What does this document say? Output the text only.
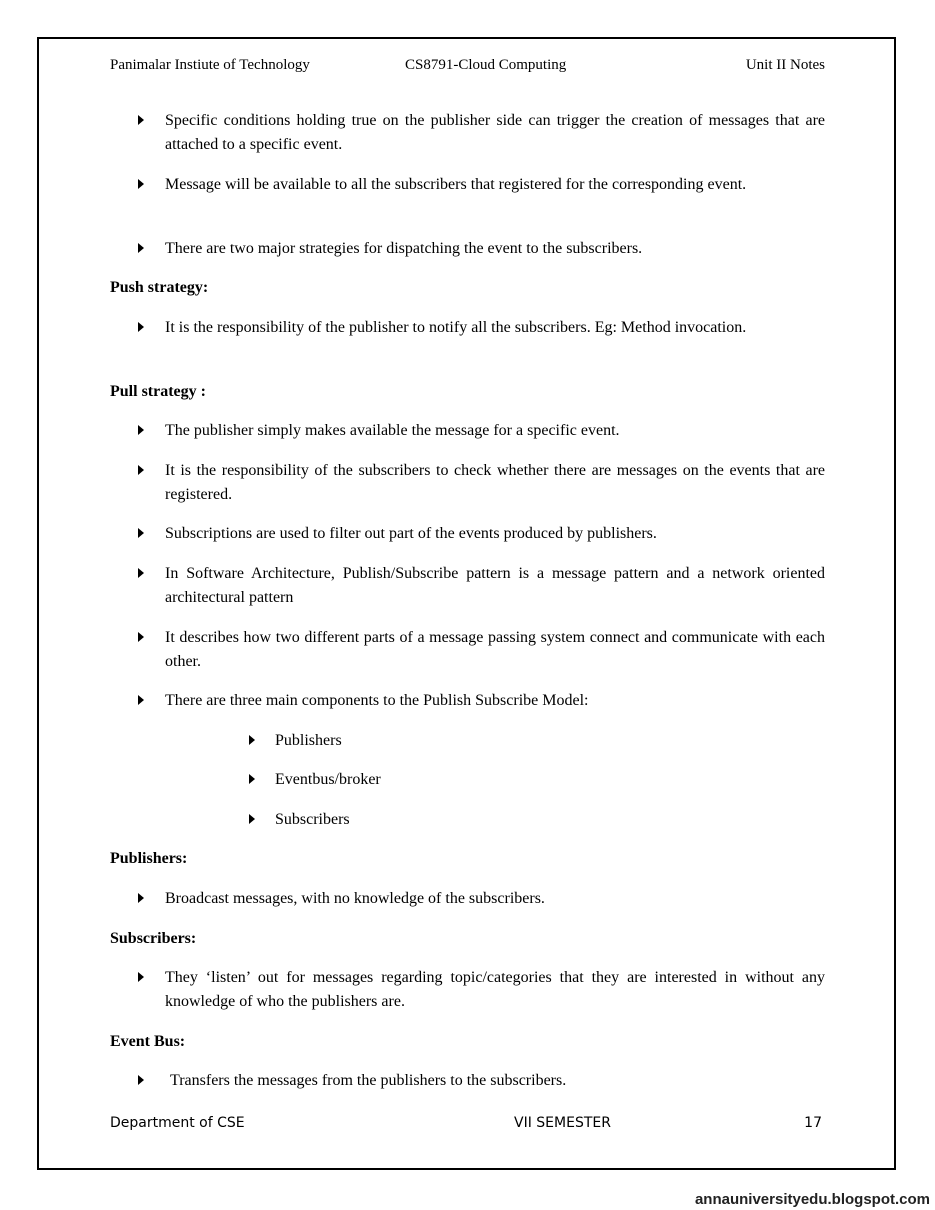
Panimalar Instiute of Technology	CS8791-Cloud Computing	Unit II Notes
Specific conditions holding true on the publisher side can trigger the creation of messages that are attached to a specific event.
Message will be available to all the subscribers that registered for the corresponding event.
There are two major strategies for dispatching the event to the subscribers.
Push strategy:
It is the responsibility of the publisher to notify all the subscribers. Eg: Method invocation.
Pull strategy :
The publisher simply makes available the message for a specific event.
It is the responsibility of the subscribers to check whether there are messages on the events that are registered.
Subscriptions are used to filter out part of the events produced by publishers.
In Software Architecture, Publish/Subscribe pattern is a message pattern and a network oriented architectural pattern
It describes how two different parts of a message passing system connect and communicate with each other.
There are three main components to the Publish Subscribe Model:
Publishers
Eventbus/broker
Subscribers
Publishers:
Broadcast messages, with no knowledge of the subscribers.
Subscribers:
They ‘listen’ out for messages regarding topic/categories that they are interested in without any knowledge of who the publishers are.
Event Bus:
Transfers the messages from the publishers to the subscribers.
Department of CSE	VII SEMESTER	17
annauniversityedu.blogspot.com
